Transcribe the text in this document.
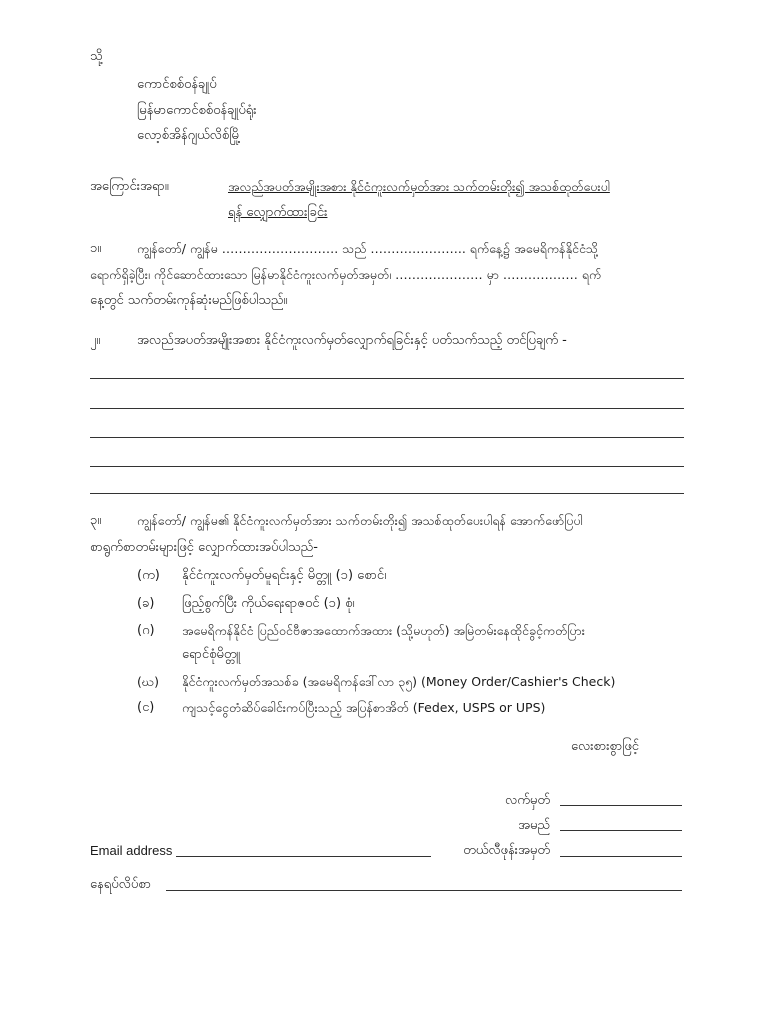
သို့
ကောင်စစ်ဝန်ချုပ်
မြန်မာကောင်စစ်ဝန်ချုပ်ရုံး
လော့စ်အိန်ဂျယ်လိစ်မြို့
အကြောင်းအရာ။	အလည်အပတ်အမျိုးအစား နိုင်ငံကူးလက်မှတ်အား သက်တမ်းတိုး၍ အသစ်ထုတ်ပေးပါ
ရန် လျှောက်ထားခြင်း
၁။	ကျွန်တော်/ ကျွန်မ ………………………. သည် ………………….. ရက်နေ့၌ အမေရိကန်နိုင်ငံသို့
ရောက်ရှိခဲ့ပြီး၊ ကိုင်ဆောင်ထားသော မြန်မာနိုင်ငံကူးလက်မှတ်အမှတ်၊ ………………… မှာ ……………… ရက်
နေ့တွင် သက်တမ်းကုန်ဆုံးမည်ဖြစ်ပါသည်။
၂။	အလည်အပတ်အမျိုးအစား နိုင်ငံကူးလက်မှတ်လျှောက်ရခြင်းနှင့် ပတ်သက်သည့် တင်ပြချက် -
၃။	ကျွန်တော်/ ကျွန်မ၏ နိုင်ငံကူးလက်မှတ်အား သက်တမ်းတိုး၍ အသစ်ထုတ်ပေးပါရန် အောက်ဖော်ပြပါ
စာရွက်စာတမ်းများဖြင့် လျှောက်ထားအပ်ပါသည်-
(က) နိုင်ငံကူးလက်မှတ်မူရင်းနှင့် မိတ္တူ (၁) စောင်၊
(ခ) ဖြည့်စွက်ပြီး ကိုယ်ရေးရာဇဝင် (၁) စုံ၊
(ဂ) အမေရိကန်နိုင်ငံ ပြည်ဝင်ဗီဇာအထောက်အထား (သို့မဟုတ်) အမြဲတမ်းနေထိုင်ခွင့်ကတ်ပြား
ရောင်စုံမိတ္တူ
(ဃ) နိုင်ငံကူးလက်မှတ်အသစ်ခ (အမေရိကန်ဒေါ်လာ ၃၅) (Money Order/Cashier's Check)
(င) ကျသင့်ငွေတံဆိပ်ခေါင်းကပ်ပြီးသည့် အပြန်စာအိတ် (Fedex, USPS or UPS)
လေးစားစွာဖြင့်
လက်မှတ်
အမည်
Email address	တယ်လီဖုန်းအမှတ်
နေရပ်လိပ်စာ
